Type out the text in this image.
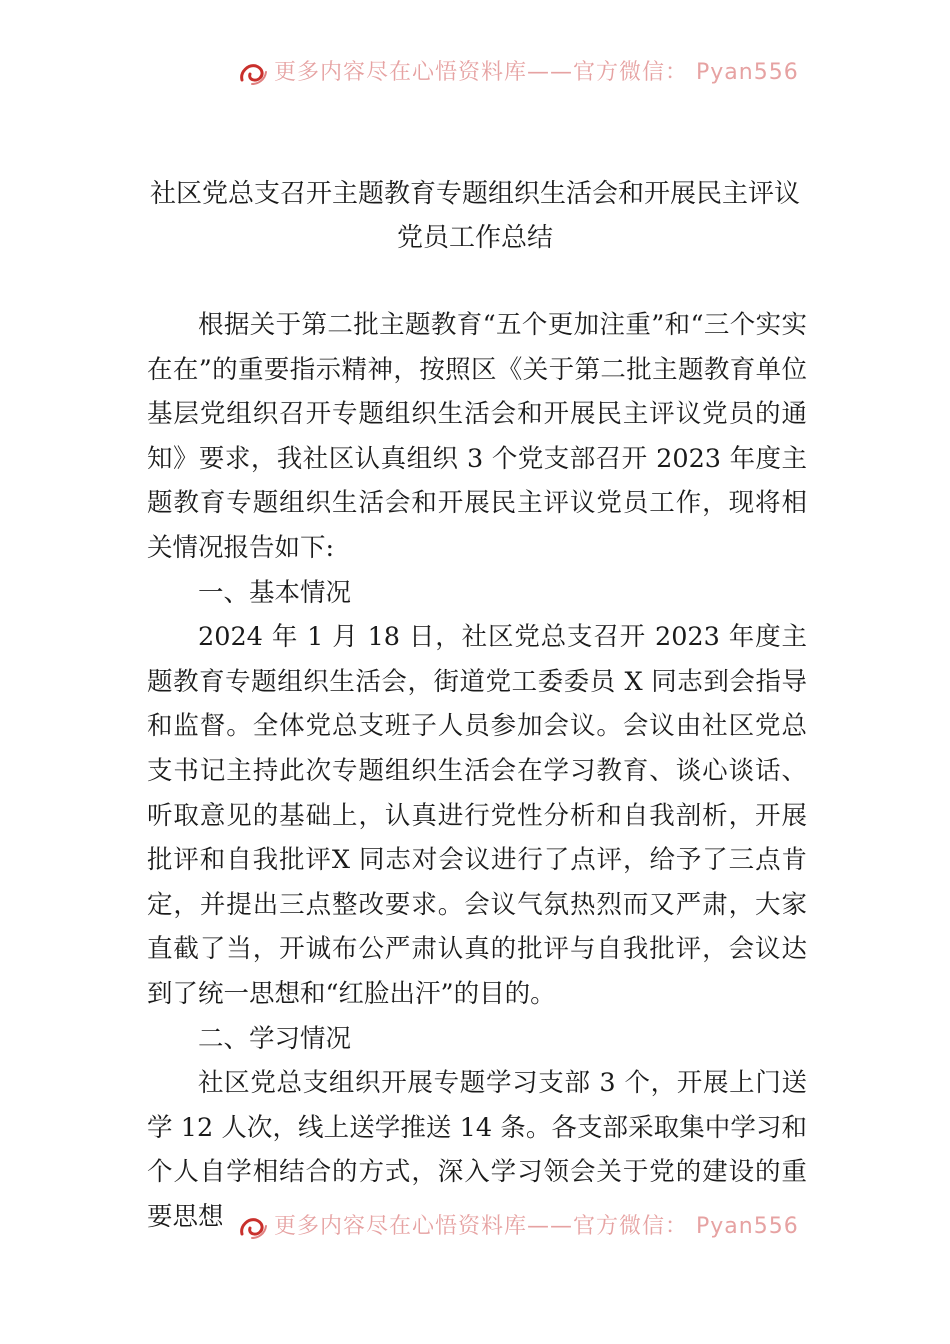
更多内容尽在心悟资料库——官方微信： Pyan556
社区党总支召开主题教育专题组织生活会和开展民主评议
党员工作总结

根据关于第二批主题教育“五个更加注重”和“三个实实在在”的重要指示精神，按照区《关于第二批主题教育单位基层党组织召开专题组织生活会和开展民主评议党员的通知》要求，我社区认真组织 3 个党支部召开 2023 年度主题教育专题组织生活会和开展民主评议党员工作，现将相关情况报告如下:

一、基本情况

2024 年 1 月 18 日，社区党总支召开 2023 年度主题教育专题组织生活会，街道党工委委员 X 同志到会指导和监督。全体党总支班子人员参加会议。会议由社区党总支书记主持此次专题组织生活会在学习教育、谈心谈话、听取意见的基础上，认真进行党性分析和自我剖析，开展批评和自我批评X 同志对会议进行了点评，给予了三点肯定，并提出三点整改要求。会议气氛热烈而又严肃，大家直截了当，开诚布公严肃认真的批评与自我批评，会议达到了统一思想和“红脸出汗”的目的。

二、学习情况

社区党总支组织开展专题学习支部 3 个，开展上门送学 12 人次，线上送学推送 14 条。各支部采取集中学习和个人自学相结合的方式，深入学习领会关于党的建设的重要思想	更多内容尽在心悟资料库——官方微信： Pyan556
